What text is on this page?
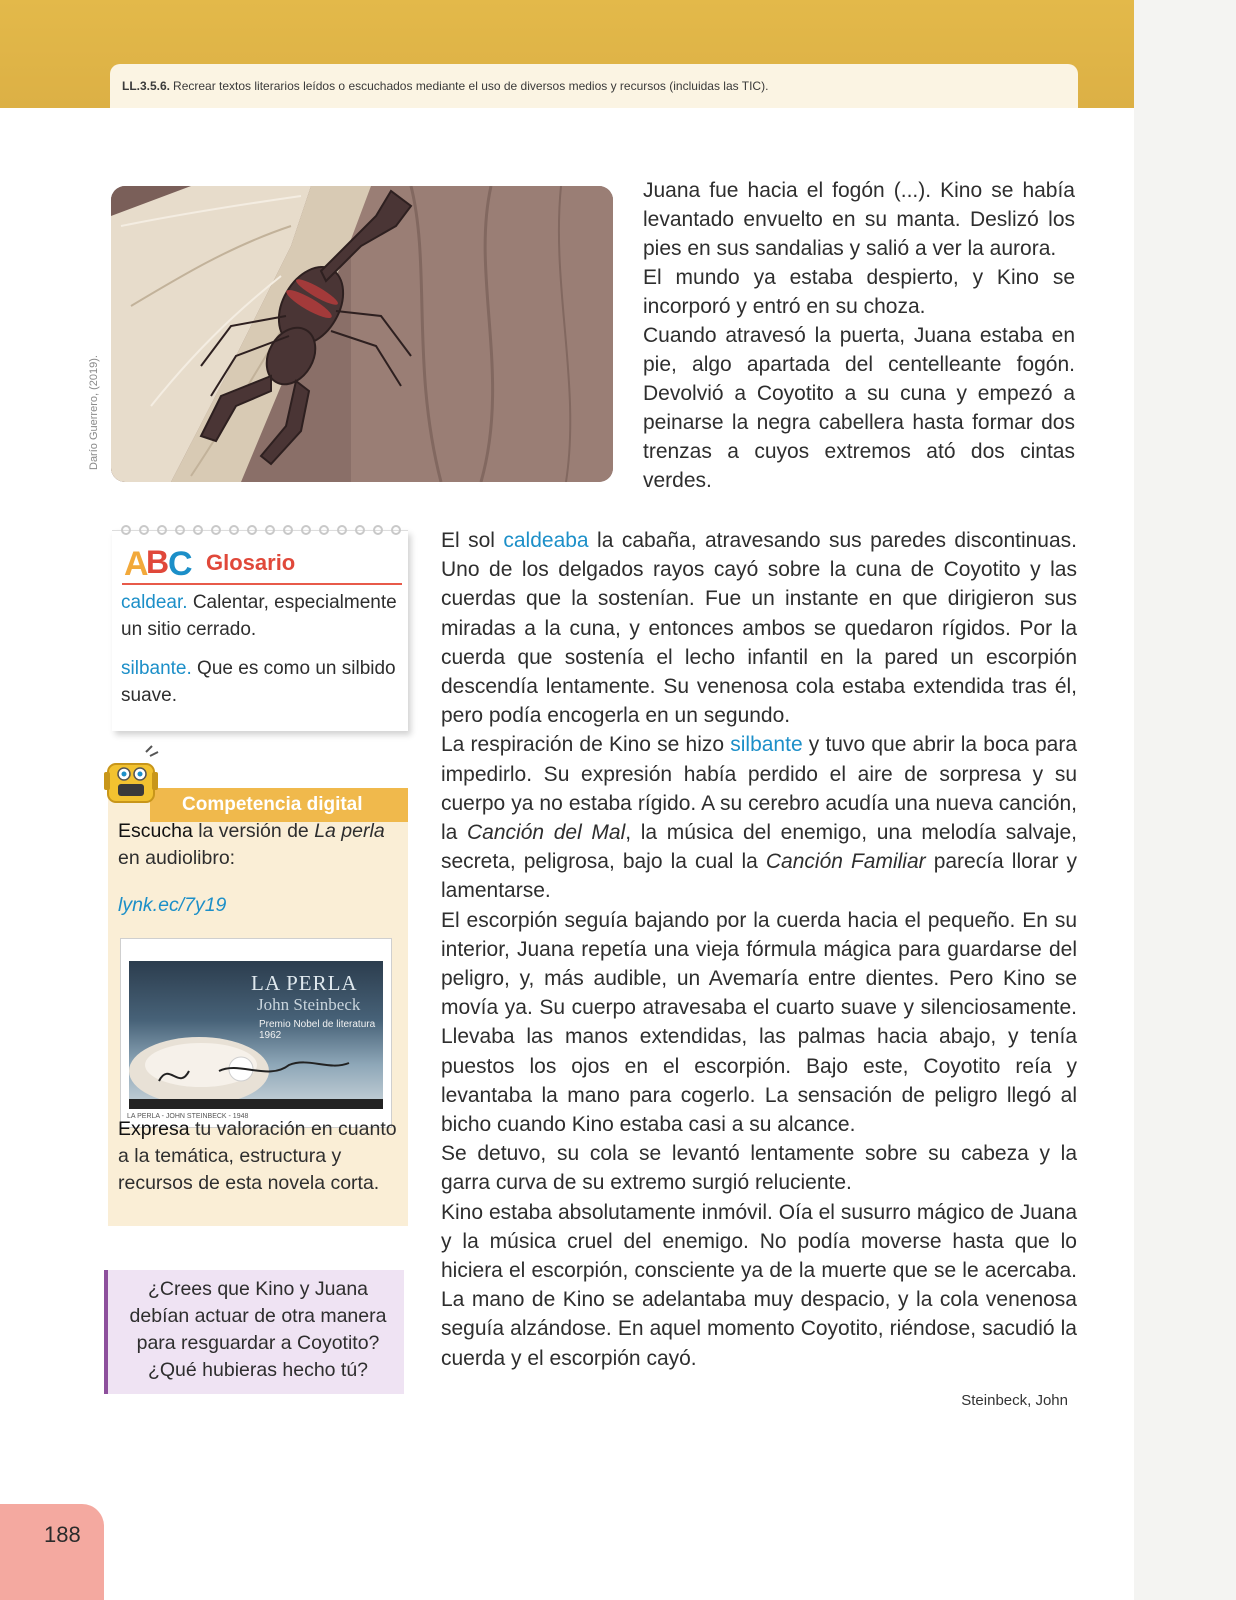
LL.3.5.6. Recrear textos literarios leídos o escuchados mediante el uso de diversos medios y recursos (incluidas las TIC).
Darío Guerrero, (2019).

Juana fue hacia el fogón (...). Kino se había levantado envuelto en su manta. Deslizó los pies en sus sandalias y salió a ver la aurora.

El mundo ya estaba despierto, y Kino se incorporó y entró en su choza.

Cuando atravesó la puerta, Juana estaba en pie, algo apartada del centelleante fogón. Devolvió a Coyotito a su cuna y empezó a peinarse la negra cabellera hasta formar dos trenzas a cuyos extremos ató dos cintas verdes.

El sol caldeaba la cabaña, atravesando sus paredes discontinuas. Uno de los delgados rayos cayó sobre la cuna de Coyotito y las cuerdas que la sostenían. Fue un instante en que dirigieron sus miradas a la cuna, y entonces ambos se quedaron rígidos. Por la cuerda que sostenía el lecho infantil en la pared un escorpión descendía lentamente. Su venenosa cola estaba extendida tras él, pero podía encogerla en un segundo.

La respiración de Kino se hizo silbante y tuvo que abrir la boca para impedirlo. Su expresión había perdido el aire de sorpresa y su cuerpo ya no estaba rígido. A su cerebro acudía una nueva canción, la Canción del Mal, la música del enemigo, una melodía salvaje, secreta, peligrosa, bajo la cual la Canción Familiar parecía llorar y lamentarse.

El escorpión seguía bajando por la cuerda hacia el pequeño. En su interior, Juana repetía una vieja fórmula mágica para guardarse del peligro, y, más audible, un Avemaría entre dientes. Pero Kino se movía ya. Su cuerpo atravesaba el cuarto suave y silenciosamente. Llevaba las manos extendidas, las palmas hacia abajo, y tenía puestos los ojos en el escorpión. Bajo este, Coyotito reía y levantaba la mano para cogerlo. La sensación de peligro llegó al bicho cuando Kino estaba casi a su alcance.

Se detuvo, su cola se levantó lentamente sobre su cabeza y la garra curva de su extremo surgió reluciente.

Kino estaba absolutamente inmóvil. Oía el susurro mágico de Juana y la música cruel del enemigo. No podía moverse hasta que lo hiciera el escorpión, consciente ya de la muerte que se le acercaba. La mano de Kino se adelantaba muy despacio, y la cola venenosa seguía alzándose. En aquel momento Coyotito, riéndose, sacudió la cuerda y el escorpión cayó.

Steinbeck, John
A
B
C Glosario
caldear. Calentar, especialmente un sitio cerrado.
silbante. Que es como un silbido suave.
Competencia digital
Escucha la versión de La perla en audiolibro:
lynk.ec/7y19
LA PERLA
John Steinbeck
Premio Nobel de literatura 1962
LA PERLA - JOHN STEINBECK - 1948
Expresa tu valoración en cuanto a la temática, estructura y recursos de esta novela corta.
¿Crees que Kino y Juana debían actuar de otra manera para resguardar a Coyotito? ¿Qué hubieras hecho tú?
188
